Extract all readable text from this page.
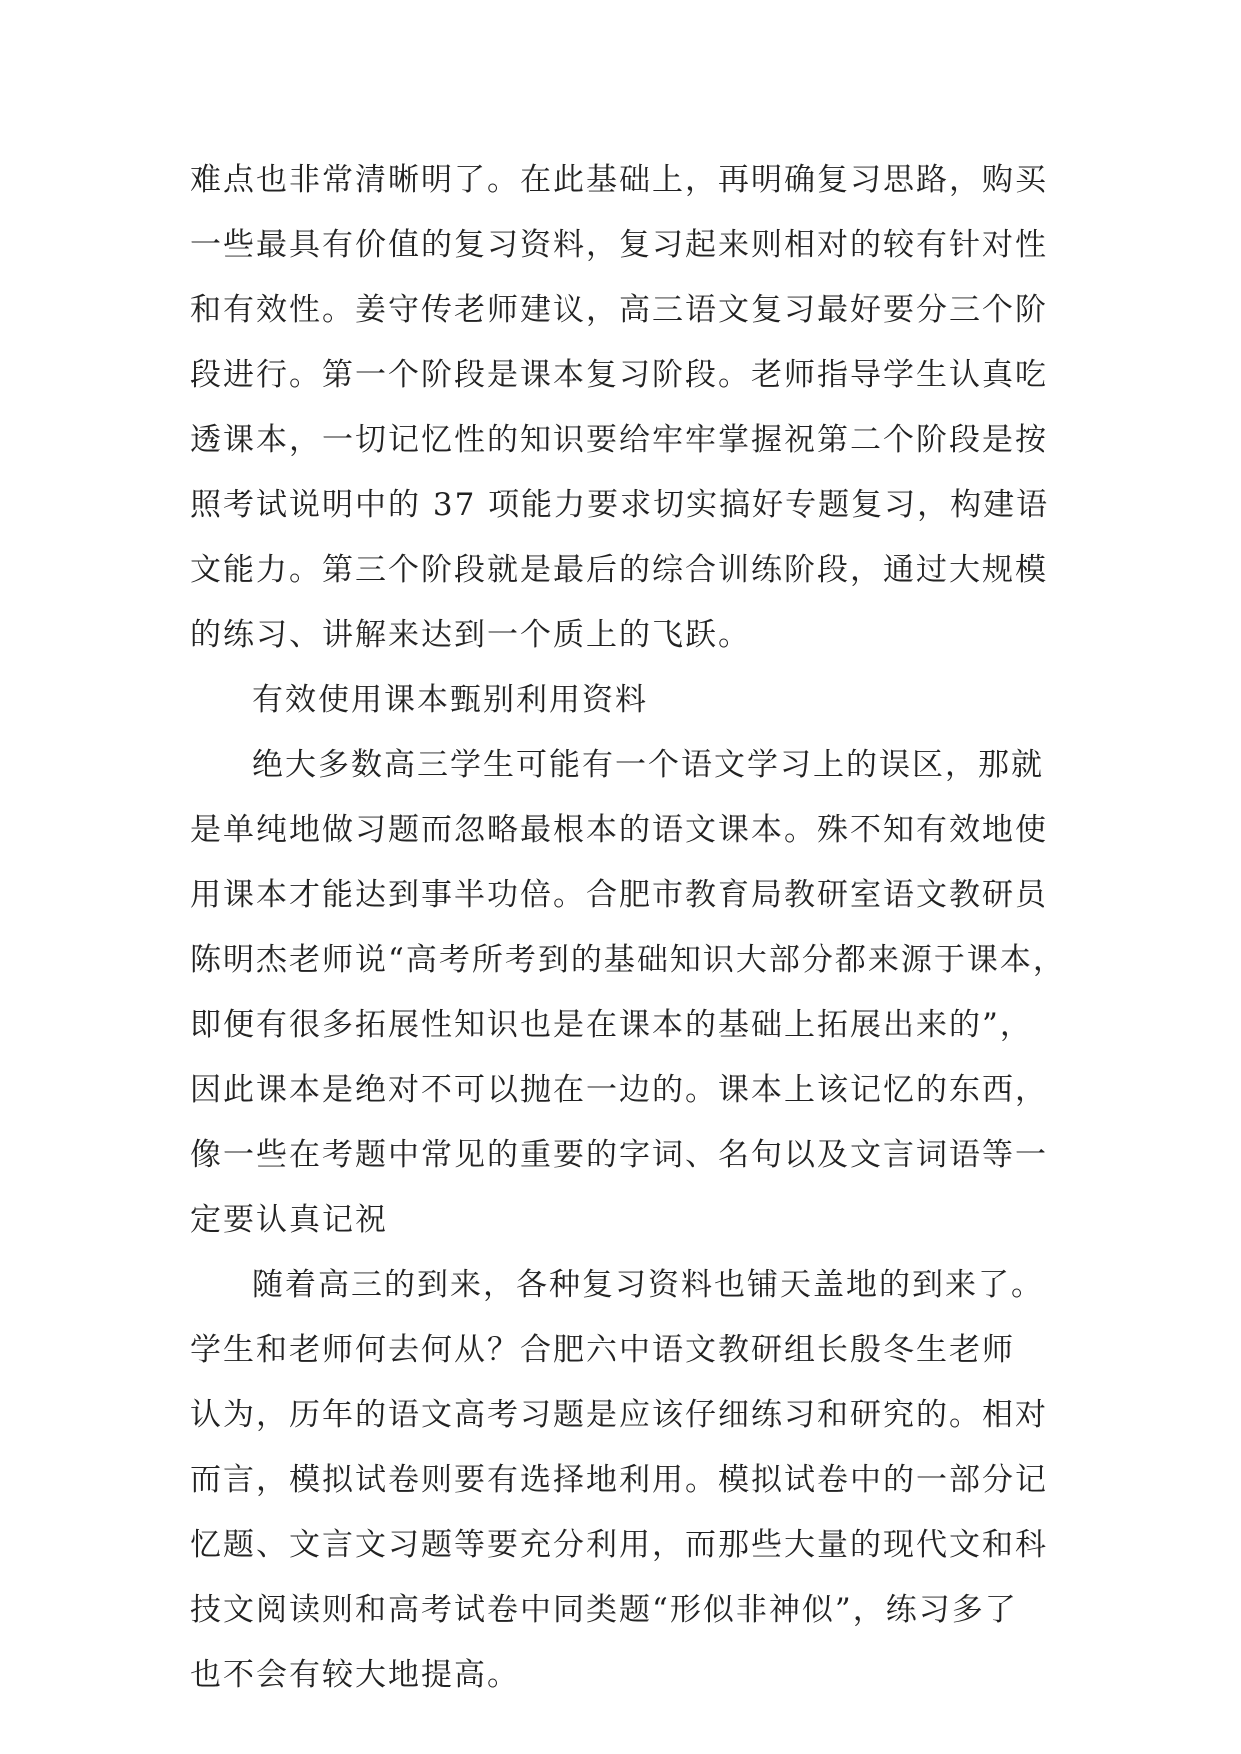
难点也非常清晰明了。在此基础上，再明确复习思路，购买
一些最具有价值的复习资料，复习起来则相对的较有针对性
和有效性。姜守传老师建议，高三语文复习最好要分三个阶
段进行。第一个阶段是课本复习阶段。老师指导学生认真吃
透课本，一切记忆性的知识要给牢牢掌握祝第二个阶段是按
照考试说明中的 37 项能力要求切实搞好专题复习，构建语
文能力。第三个阶段就是最后的综合训练阶段，通过大规模
的练习、讲解来达到一个质上的飞跃。
有效使用课本甄别利用资料
绝大多数高三学生可能有一个语文学习上的误区，那就
是单纯地做习题而忽略最根本的语文课本。殊不知有效地使
用课本才能达到事半功倍。合肥市教育局教研室语文教研员
陈明杰老师说“高考所考到的基础知识大部分都来源于课本，
即便有很多拓展性知识也是在课本的基础上拓展出来的”，
因此课本是绝对不可以抛在一边的。课本上该记忆的东西，
像一些在考题中常见的重要的字词、名句以及文言词语等一
定要认真记祝
随着高三的到来，各种复习资料也铺天盖地的到来了。
学生和老师何去何从？合肥六中语文教研组长殷冬生老师
认为，历年的语文高考习题是应该仔细练习和研究的。相对
而言，模拟试卷则要有选择地利用。模拟试卷中的一部分记
忆题、文言文习题等要充分利用，而那些大量的现代文和科
技文阅读则和高考试卷中同类题“形似非神似”，练习多了
也不会有较大地提高。
